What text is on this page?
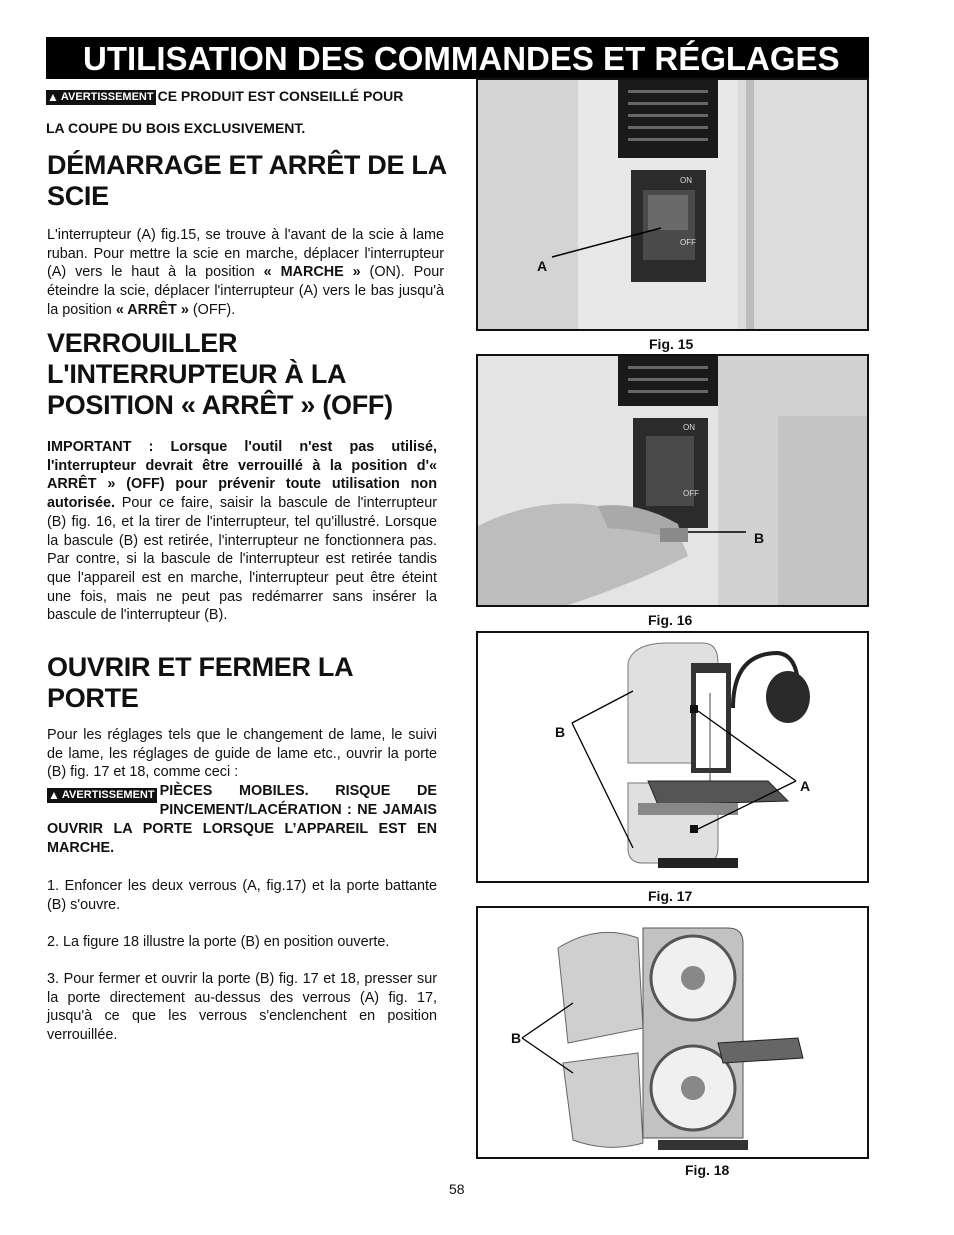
UTILISATION DES COMMANDES ET RÉGLAGES
▲ AVERTISSEMENT CE PRODUIT EST CONSEILLÉ POUR
LA COUPE DU BOIS EXCLUSIVEMENT.
DÉMARRAGE ET ARRÊT DE LA SCIE

L'interrupteur (A) fig.15, se trouve à l'avant de la scie à lame ruban. Pour mettre la scie en marche, déplacer l'interrupteur (A) vers le haut à la position « MARCHE » (ON). Pour éteindre la scie, déplacer l'interrupteur (A) vers le bas jusqu'à la position « ARRÊT » (OFF).

VERROUILLER L'INTERRUPTEUR À LA POSITION « ARRÊT » (OFF)

IMPORTANT : Lorsque l'outil n'est pas utilisé, l'interrupteur devrait être verrouillé à la position d'« ARRÊT » (OFF) pour prévenir toute utilisation non autorisée. Pour ce faire, saisir la bascule de l'interrupteur (B) fig. 16, et la tirer de l'interrupteur, tel qu'illustré. Lorsque la bascule (B) est retirée, l'interrupteur ne fonctionnera pas. Par contre, si la bascule de l'interrupteur est retirée tandis que l'appareil est en marche, l'interrupteur peut être éteint une fois, mais ne peut pas redémarrer sans insérer la bascule de l'interrupteur (B).

OUVRIR ET FERMER LA PORTE

Pour les réglages tels que le changement de lame, le suivi de lame, les réglages de guide de lame etc., ouvrir la porte (B) fig. 17 et 18, comme ceci :

▲ AVERTISSEMENT PIÈCES MOBILES. RISQUE DE PINCEMENT/LACÉRATION : NE JAMAIS OUVRIR LA PORTE LORSQUE L’APPAREIL EST EN MARCHE.

1. Enfoncer les deux verrous (A, fig.17) et la porte battante (B) s'ouvre.

2. La figure 18 illustre la porte (B) en position ouverte.

3. Pour fermer et ouvrir la porte (B) fig. 17 et 18, presser sur la porte directement au-dessus des verrous (A) fig. 17, jusqu'à ce que les verrous s'enclenchent en position verrouillée.

ON
OFF
A
Fig. 15
ON
OFF
B
Fig. 16
B
A
Fig. 17
B
Fig. 18
58
